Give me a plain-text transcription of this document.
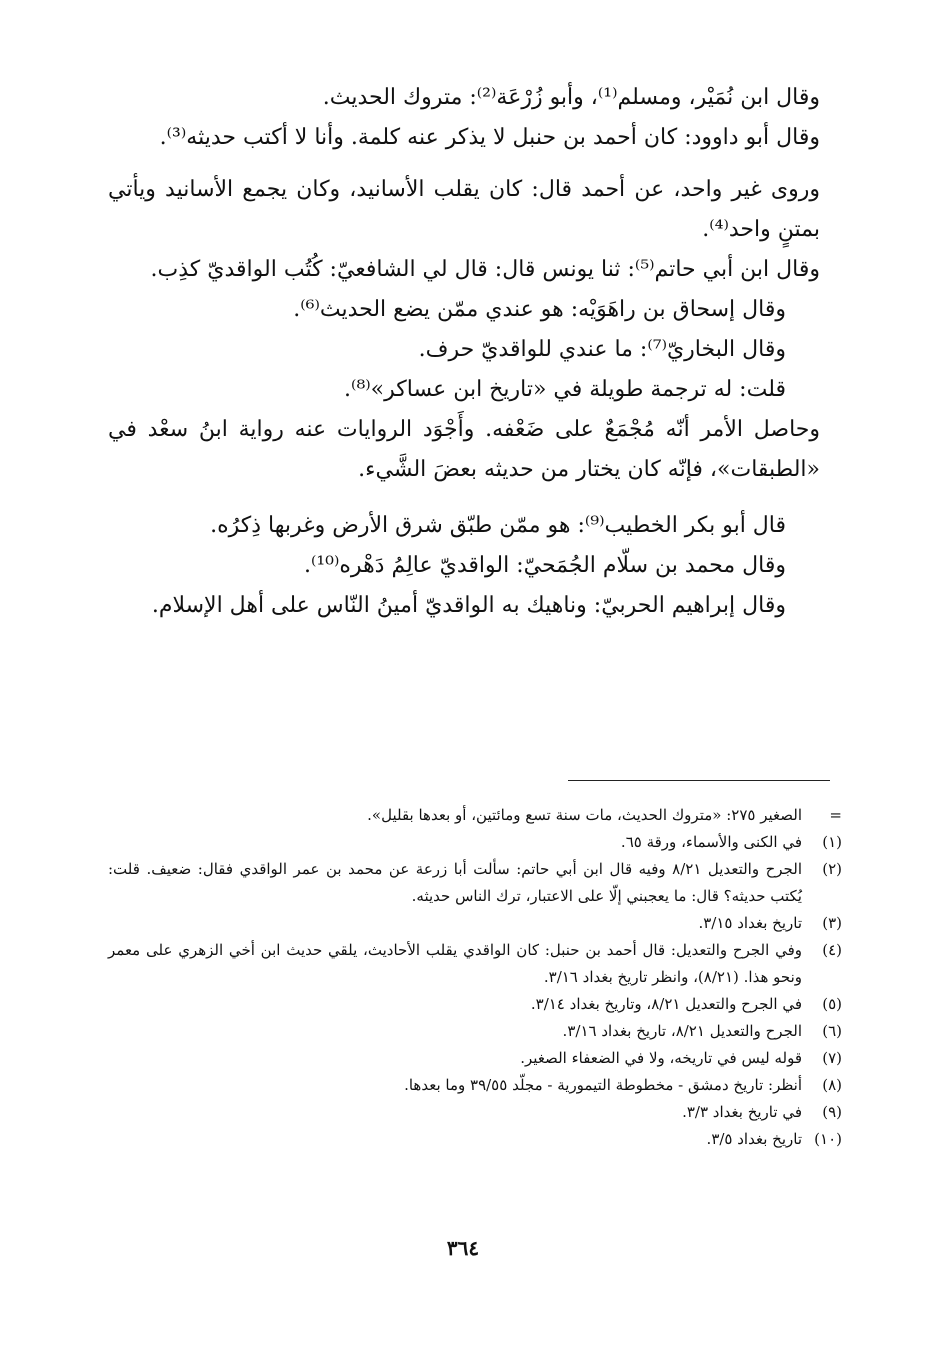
وقال ابن نُمَيْر، ومسلم⁽¹⁾، وأبو زُرْعَة⁽²⁾: متروك الحديث.

وقال أبو داوود: كان أحمد بن حنبل لا يذكر عنه كلمة. وأنا لا أكتب حديثه⁽³⁾.

وروى غير واحد، عن أحمد قال: كان يقلب الأسانيد، وكان يجمع الأسانيد ويأتي بمتنٍ واحد⁽⁴⁾.

وقال ابن أبي حاتم⁽⁵⁾: ثنا يونس قال: قال لي الشافعيّ: كُتُب الواقديّ كذِب.

وقال إسحاق بن راهَوَيْه: هو عندي ممّن يضع الحديث⁽⁶⁾.

وقال البخاريّ⁽⁷⁾: ما عندي للواقديّ حرف.

قلت: له ترجمة طويلة في «تاريخ ابن عساكر»⁽⁸⁾.

وحاصل الأمر أنّه مُجْمَعٌ على ضَعْفه. وأَجْوَد الروايات عنه رواية ابنُ سعْد في «الطبقات»، فإنّه كان يختار من حديثه بعضَ الشَّيء.

قال أبو بكر الخطيب⁽⁹⁾: هو ممّن طبّق شرق الأرض وغربها ذِكرُه.

وقال محمد بن سلّام الجُمَحيّ: الواقديّ عالِمُ دَهْره⁽¹⁰⁾.

وقال إبراهيم الحربيّ: وناهيك به الواقديّ أمينُ النّاس على أهل الإسلام.

=
الصغير ٢٧٥: «متروك الحديث، مات سنة تسع ومائتين، أو بعدها بقليل».
(١)
في الكنى والأسماء، ورقة ٦٥.
(٢)
الجرح والتعديل ٨/٢١ وفيه قال ابن أبي حاتم: سألت أبا زرعة عن محمد بن عمر الواقدي فقال: ضعيف. قلت: يُكتب حديثه؟ قال: ما يعجبني إلّا على الاعتبار، ترك الناس حديثه.
(٣)
تاريخ بغداد ٣/١٥.
(٤)
وفي الجرح والتعديل: قال أحمد بن حنبل: كان الواقدي يقلب الأحاديث، يلقي حديث ابن أخي الزهري على معمر ونحو هذا. (٨/٢١)، وانظر تاريخ بغداد ٣/١٦.
(٥)
في الجرح والتعديل ٨/٢١، وتاريخ بغداد ٣/١٤.
(٦)
الجرح والتعديل ٨/٢١، تاريخ بغداد ٣/١٦.
(٧)
قوله ليس في تاريخه، ولا في الضعفاء الصغير.
(٨)
أنظر: تاريخ دمشق - مخطوطة التيمورية - مجلّد ٣٩/٥٥ وما بعدها.
(٩)
في تاريخ بغداد ٣/٣.
(١٠)
تاريخ بغداد ٣/٥.
٣٦٤
